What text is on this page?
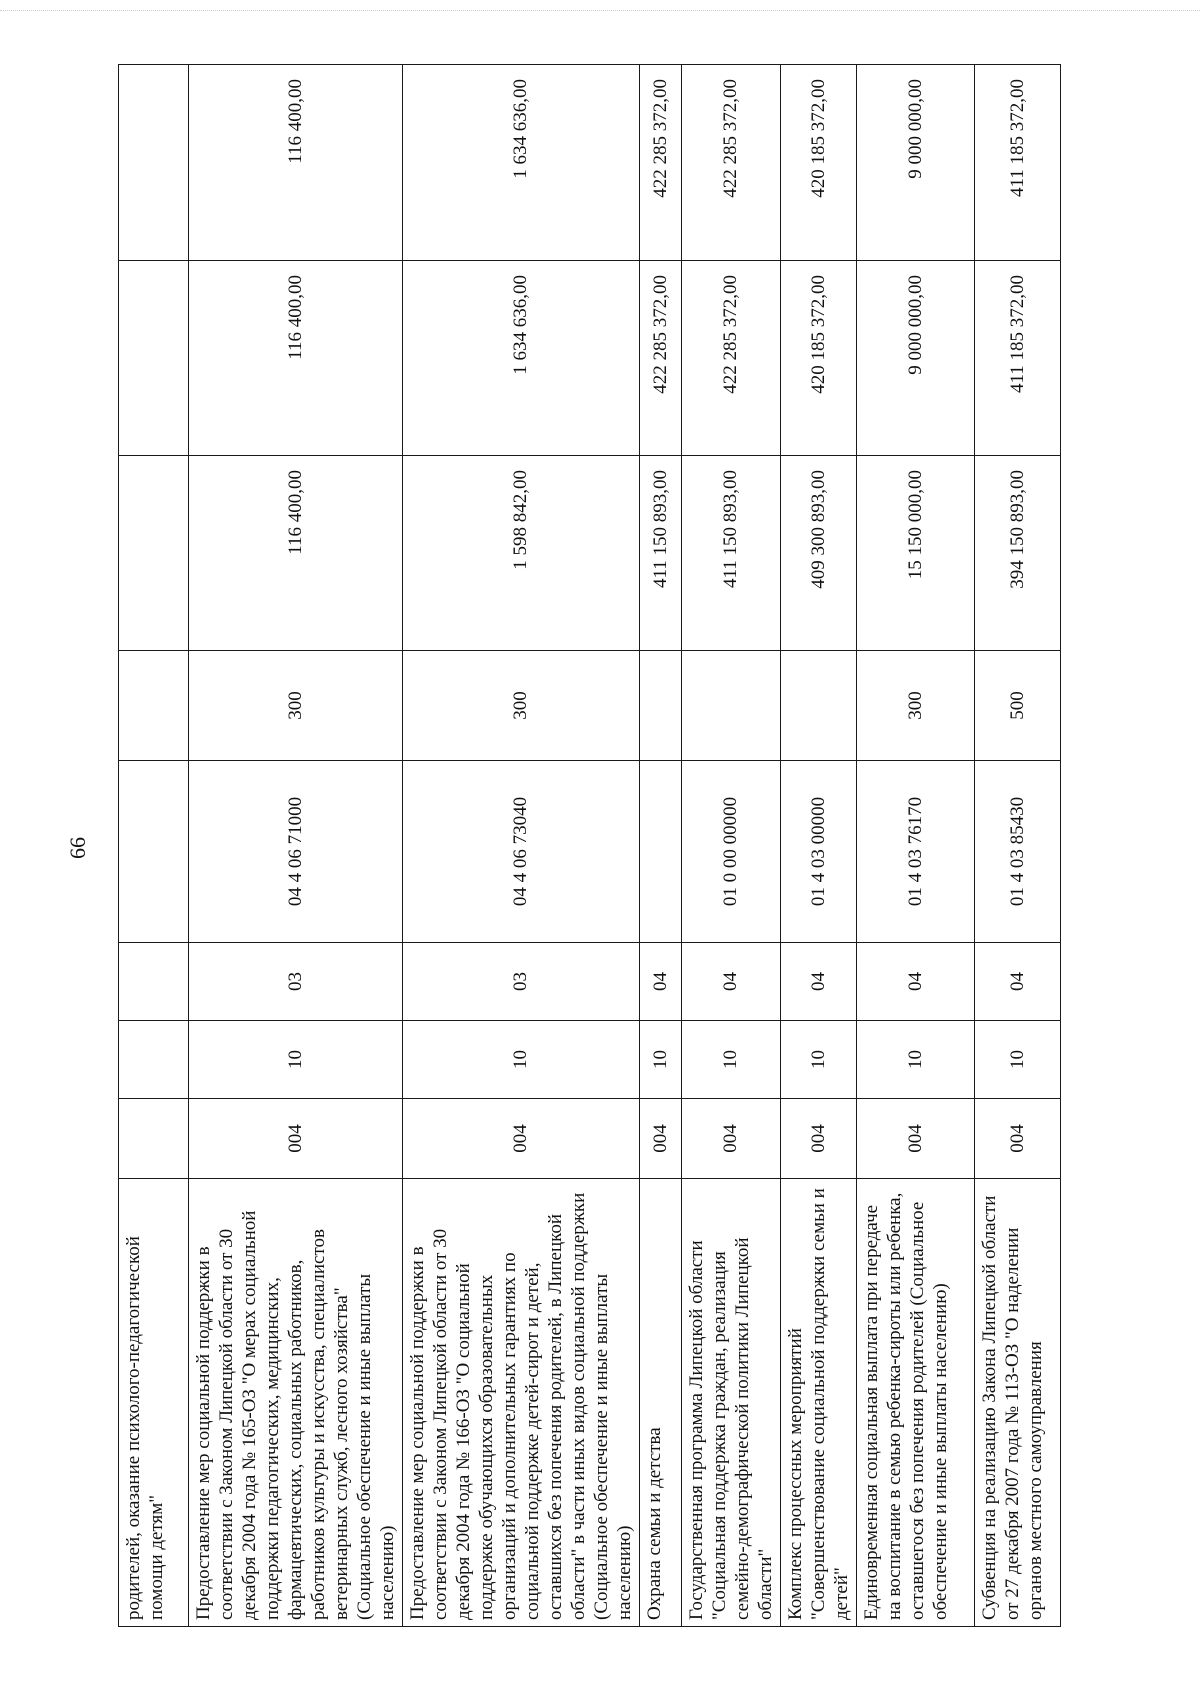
66
родителей, оказание психолого-педагогической помощи детям"								
Предоставление мер социальной поддержки в соответствии с Законом Липецкой области от 30 декабря 2004 года № 165-ОЗ "О мерах социальной поддержки педагогических, медицинских, фармацевтических, социальных работников, работников культуры и искусства, специалистов ветеринарных служб, лесного хозяйства" (Социальное обеспечение и иные выплаты населению)	004	10	03	04 4 06 71000	300	116 400,00	116 400,00	116 400,00
Предоставление мер социальной поддержки в соответствии с Законом Липецкой области от 30 декабря 2004 года № 166-ОЗ "О социальной поддержке обучающихся образовательных организаций и дополнительных гарантиях по социальной поддержке детей-сирот и детей, оставшихся без попечения родителей, в Липецкой области" в части иных видов социальной поддержки (Социальное обеспечение и иные выплаты населению)	004	10	03	04 4 06 73040	300	1 598 842,00	1 634 636,00	1 634 636,00
Охрана семьи и детства	004	10	04			411 150 893,00	422 285 372,00	422 285 372,00
Государственная программа Липецкой области "Социальная поддержка граждан, реализация семейно-демографической политики Липецкой области"	004	10	04	01 0 00 00000		411 150 893,00	422 285 372,00	422 285 372,00
Комплекс процессных мероприятий "Совершенствование социальной поддержки семьи и детей"	004	10	04	01 4 03 00000		409 300 893,00	420 185 372,00	420 185 372,00
Единовременная социальная выплата при передаче на воспитание в семью ребенка-сироты или ребенка, оставшегося без попечения родителей (Социальное обеспечение и иные выплаты населению)	004	10	04	01 4 03 76170	300	15 150 000,00	9 000 000,00	9 000 000,00
Субвенция на реализацию Закона Липецкой области от 27 декабря 2007 года № 113-ОЗ "О наделении органов местного самоуправления	004	10	04	01 4 03 85430	500	394 150 893,00	411 185 372,00	411 185 372,00
